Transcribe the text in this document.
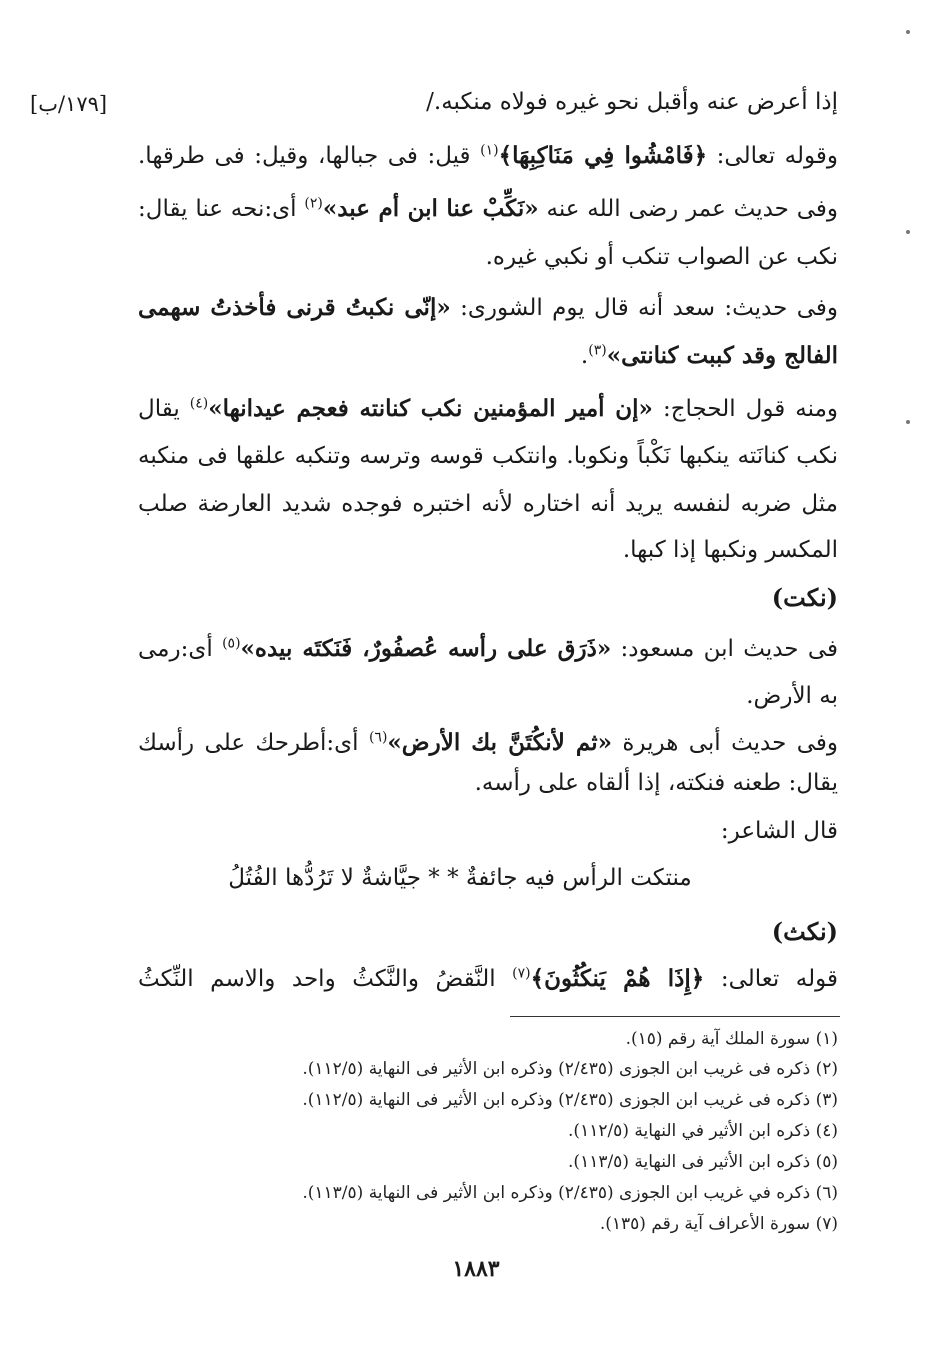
[١٧٩/ب]	إذا أعرض عنه وأقبل نحو غيره فولاه منكبه./
وقوله تعالى: ﴿فَامْشُوا فِي مَنَاكِبِهَا﴾$^{(١)}$ قيل: فى جبالها، وقيل: فى طرقها.
وفى حديث عمر رضى الله عنه «نَكِّبْ عنا ابن أم عبد»$^{(٢)}$ أى:نحه عنا يقال:
نكب عن الصواب تنكب أو نكبي غيره.
وفى حديث: سعد أنه قال يوم الشورى: «إنّى نكبتُ قرنى فأخذتُ سهمى
الفالج وقد كببت كنانتى»$^{(٣)}$.
ومنه قول الحجاج: «إن أمير المؤمنين نكب كنانته فعجم عيدانها»$^{(٤)}$ يقال
نكب كنانَته ينكبها نَكْباً ونكوبا. وانتكب قوسه وترسه وتنكبه علقها فى منكبه
مثل ضربه لنفسه يريد أنه اختاره لأنه اختبره فوجده شديد العارضة صلب
المكسر ونكبها إذا كبها.
(نكت)
فى حديث ابن مسعود: «ذَرَق على رأسه عُصفُورٌ، فَنَكتَه بيده»$^{(٥)}$ أى:رمى
به الأرض.
وفى حديث أبى هريرة «ثم لأنكُتَنَّ بك الأرض»$^{(٦)}$ أى:أطرحك على رأسك
يقال: طعنه فنكته، إذا ألقاه على رأسه.
قال الشاعر:
منتكت الرأس فيه جائفةٌ * * جيَّاشةٌ لا تَرُدُّها الفُتُلُ
(نكث)
قوله تعالى: ﴿إِذَا هُمْ يَنكُثُونَ﴾$^{(٧)}$ النَّقضُ والنَّكثُ واحد والاسم النِّكثُ
(١) سورة الملك آية رقم (١٥).
(٢) ذكره فى غريب ابن الجوزى (٢/٤٣٥) وذكره ابن الأثير فى النهاية (١١٢/٥).
(٣) ذكره فى غريب ابن الجوزى (٢/٤٣٥) وذكره ابن الأثير فى النهاية (١١٢/٥).
(٤) ذكره ابن الأثير في النهاية (١١٢/٥).
(٥) ذكره ابن الأثير فى النهاية (١١٣/٥).
(٦) ذكره في غريب ابن الجوزى (٢/٤٣٥) وذكره ابن الأثير فى النهاية (١١٣/٥).
(٧) سورة الأعراف آية رقم (١٣٥).
١٨٨٣
